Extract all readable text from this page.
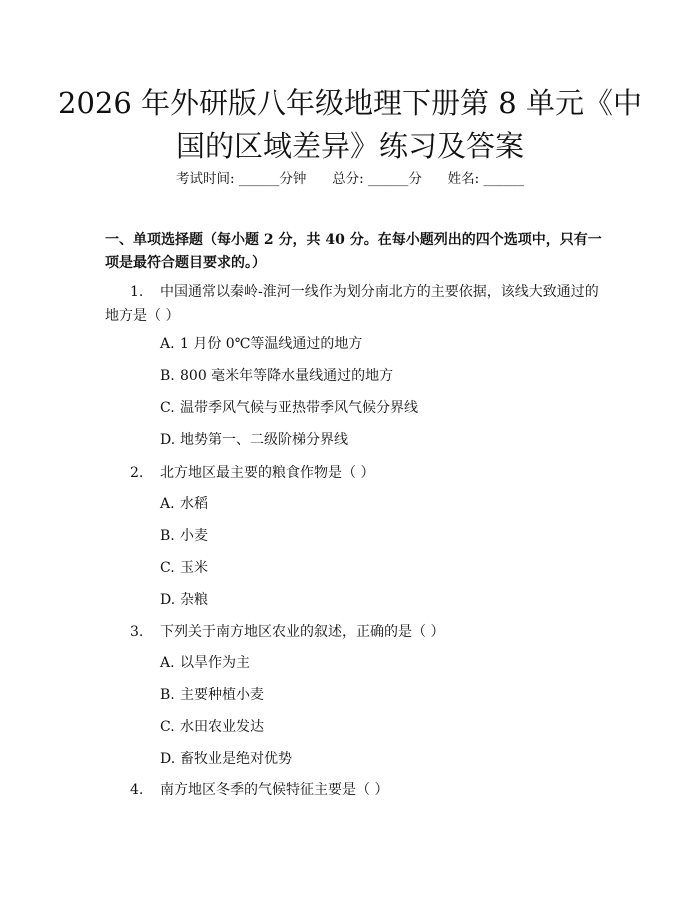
2026 年外研版八年级地理下册第 8 单元《中
国的区域差异》练习及答案
考试时间: ______分钟      总分: ______分      姓名: ______
一、单项选择题（每小题 2 分，共 40 分。在每小题列出的四个选项中，只有一项是最符合题目要求的。）
1. 中国通常以秦岭-淮河一线作为划分南北方的主要依据，该线大致通过的
地方是（ ）
A. 1 月份 0℃等温线通过的地方
B. 800 毫米年等降水量线通过的地方
C. 温带季风气候与亚热带季风气候分界线
D. 地势第一、二级阶梯分界线
2. 北方地区最主要的粮食作物是（ ）
A. 水稻
B. 小麦
C. 玉米
D. 杂粮
3. 下列关于南方地区农业的叙述，正确的是（ ）
A. 以旱作为主
B. 主要种植小麦
C. 水田农业发达
D. 畜牧业是绝对优势
4. 南方地区冬季的气候特征主要是（ ）
